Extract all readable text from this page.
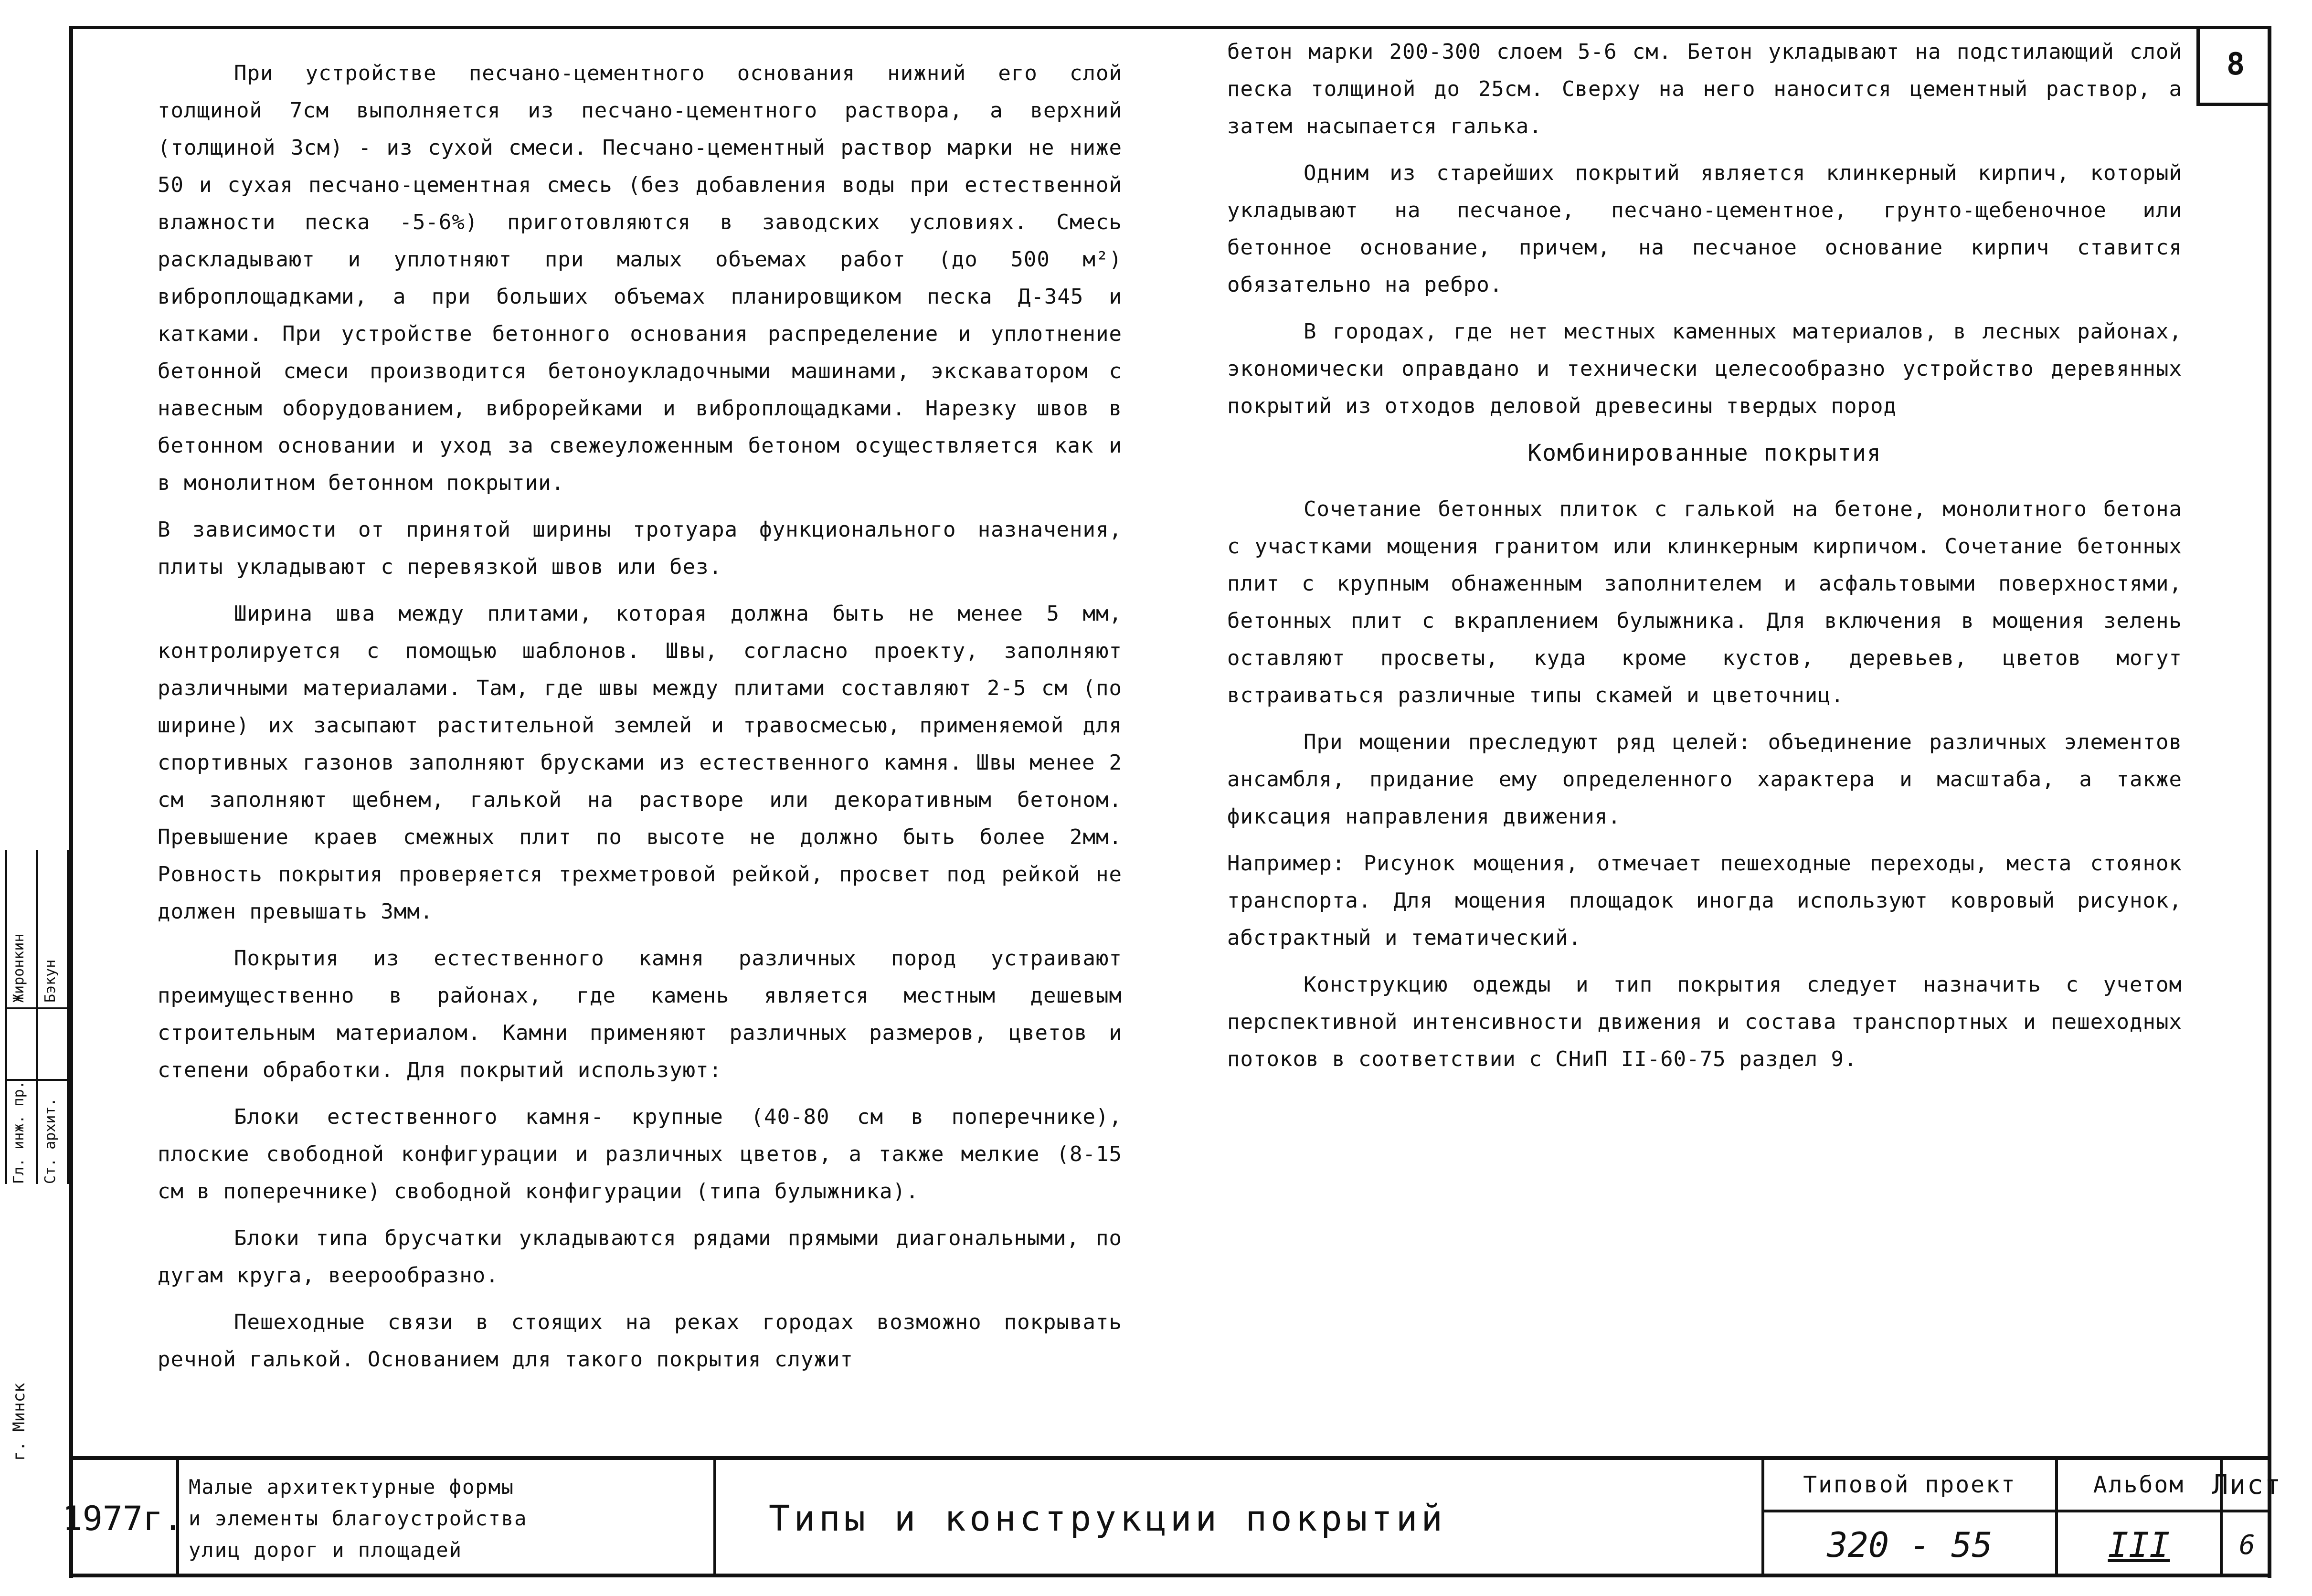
8
Гл. инж. пр. Ст. архит.
Жиронкин Бэкун
г. Минск

При устройстве песчано-цементного основания нижний его слой толщиной 7см выполняется из песчано-цементного раствора, а верхний (толщиной 3см) - из сухой смеси. Песчано-цементный раствор марки не ниже 50 и сухая песчано-цементная смесь (без добавления воды при естественной влажности песка -5-6%) приготовляются в заводских условиях. Смесь раскладывают и уплотняют при малых объемах работ (до 500 м²) виброплощадками, а при больших объемах планировщиком песка Д-345 и катками. При устройстве бетонного основания распределение и уплотнение бетонной смеси производится бетоноукладочными машинами, экскаватором с навесным оборудованием, виброрейками и виброплощадками. Нарезку швов в бетонном основании и уход за свежеуложенным бетоном осуществляется как и в монолитном бетонном покрытии.

В зависимости от принятой ширины тротуара функционального назначения, плиты укладывают с перевязкой швов или без.

Ширина шва между плитами, которая должна быть не менее 5 мм, контролируется с помощью шаблонов. Швы, согласно проекту, заполняют различными материалами. Там, где швы между плитами составляют 2-5 см (по ширине) их засыпают растительной землей и травосмесью, применяемой для спортивных газонов заполняют брусками из естественного камня. Швы менее 2 см заполняют щебнем, галькой на растворе или декоративным бетоном. Превышение краев смежных плит по высоте не должно быть более 2мм. Ровность покрытия проверяется трехметровой рейкой, просвет под рейкой не должен превышать 3мм.

Покрытия из естественного камня различных пород устраивают преимущественно в районах, где камень является местным дешевым строительным материалом. Камни применяют различных размеров, цветов и степени обработки. Для покрытий используют:

Блоки естественного камня- крупные (40-80 см в поперечнике), плоские свободной конфигурации и различных цветов, а также мелкие (8-15 см в поперечнике) свободной конфигурации (типа булыжника).

Блоки типа брусчатки укладываются рядами прямыми диагональными, по дугам круга, веерообразно.

Пешеходные связи в стоящих на реках городах возможно покрывать речной галькой. Основанием для такого покрытия служит

бетон марки 200-300 слоем 5-6 см. Бетон укладывают на подстилающий слой песка толщиной до 25см. Сверху на него наносится цементный раствор, а затем насыпается галька.

Одним из старейших покрытий является клинкерный кирпич, который укладывают на песчаное, песчано-цементное, грунто-щебеночное или бетонное основание, причем, на песчаное основание кирпич ставится обязательно на ребро.

В городах, где нет местных каменных материалов, в лесных районах, экономически оправдано и технически целесообразно устройство деревянных покрытий из отходов деловой древесины твердых пород

Комбинированные покрытия

Сочетание бетонных плиток с галькой на бетоне, монолитного бетона с участками мощения гранитом или клинкерным кирпичом. Сочетание бетонных плит с крупным обнаженным заполнителем и асфальтовыми поверхностями, бетонных плит с вкраплением булыжника. Для включения в мощения зелень оставляют просветы, куда кроме кустов, деревьев, цветов могут встраиваться различные типы скамей и цветочниц.

При мощении преследуют ряд целей: объединение различных элементов ансамбля, придание ему определенного характера и масштаба, а также фиксация направления движения.

Например: Рисунок мощения, отмечает пешеходные переходы, места стоянок транспорта. Для мощения площадок иногда используют ковровый рисунок, абстрактный и тематический.

Конструкцию одежды и тип покрытия следует назначить с учетом перспективной интенсивности движения и состава транспортных и пешеходных потоков в соответствии с СНиП II-60-75 раздел 9.

1977г.
Малые архитектурные формы
и элементы благоустройства
улиц дорог и площадей
Типы и конструкции покрытий
Типовой проект
320 - 55
Альбом
III
Лист
6
